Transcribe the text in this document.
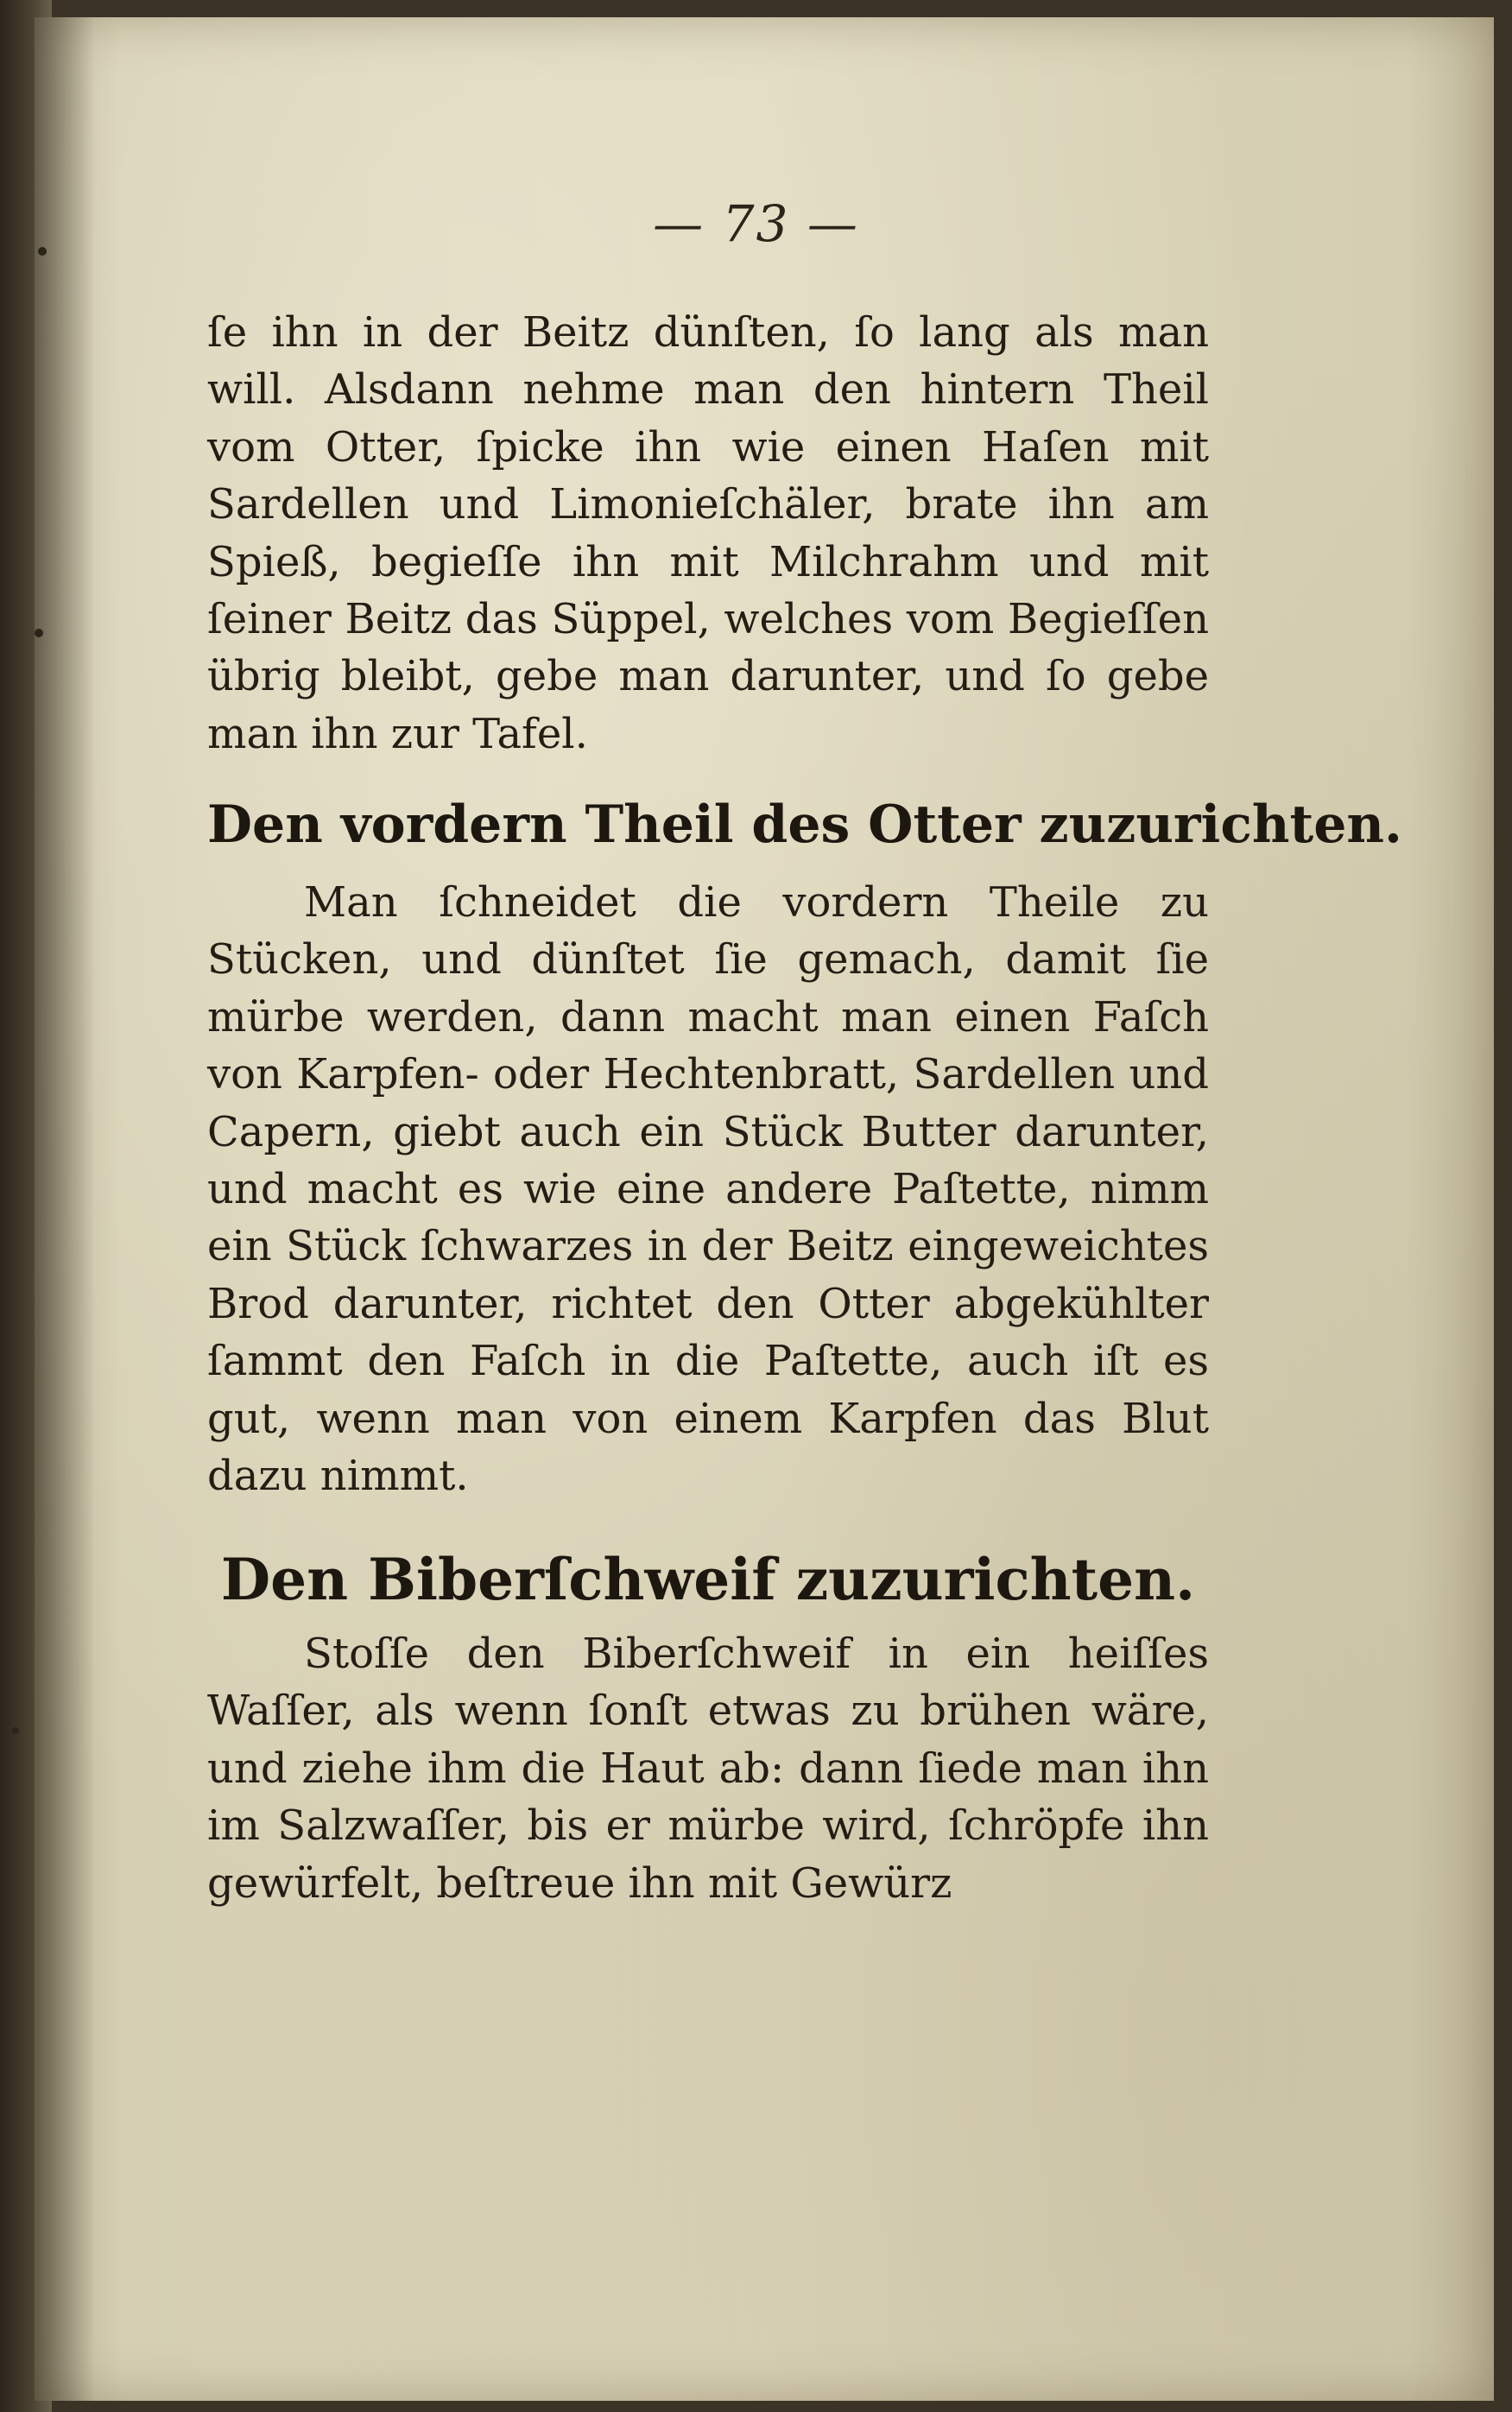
— 73 —

ſe ihn in der Beitz dünſten, ſo lang als man will. Alsdann nehme man den hintern Theil vom Otter, ſpicke ihn wie einen Haſen mit Sardellen und Limonieſchäler, brate ihn am Spieß, begieſſe ihn mit Milchrahm und mit ſeiner Beitz das Süppel, welches vom Begieſſen übrig bleibt, gebe man darunter, und ſo gebe man ihn zur Tafel.

Den vordern Theil des Otter zuzurichten.

Man ſchneidet die vordern Theile zu Stücken, und dünſtet ſie gemach, damit ſie mürbe werden, dann macht man einen Faſch von Karpfen- oder Hechtenbratt, Sardellen und Capern, giebt auch ein Stück Butter darunter, und macht es wie eine andere Paſtette, nimm ein Stück ſchwarzes in der Beitz eingeweichtes Brod darunter, richtet den Otter abgekühlter ſammt den Faſch in die Paſtette, auch iſt es gut, wenn man von einem Karpfen das Blut dazu nimmt.

Den Biberſchweif zuzurichten.

Stoſſe den Biberſchweif in ein heiſſes Waſſer, als wenn ſonſt etwas zu brühen wäre, und ziehe ihm die Haut ab: dann ſiede man ihn im Salzwaſſer, bis er mürbe wird, ſchröpfe ihn gewürfelt, beſtreue ihn mit Gewürz
